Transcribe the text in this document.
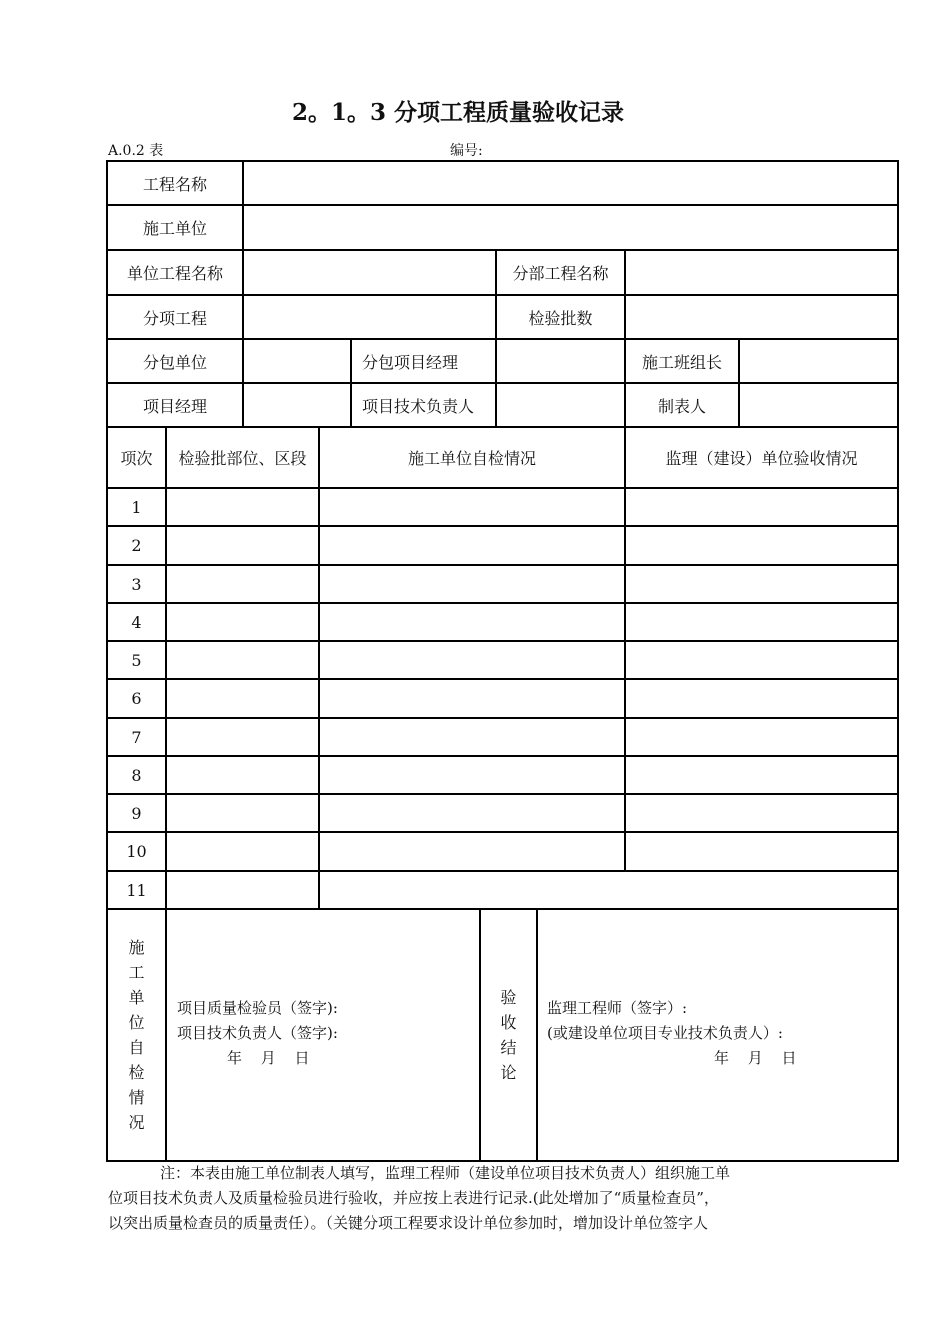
2。1。3 分项工程质量验收记录
A.0.2 表	编号:
工程名称
施工单位
单位工程名称	分部工程名称
分项工程	检验批数
分包单位	分包项目经理	施工班组长
项目经理	项目技术负责人	制表人
项次	检验批部位、区段	施工单位自检情况	监理（建设）单位验收情况
1
2
3
4
5
6
7
8
9
10
11
施工单位自检情况
项目质量检验员（签字):
项目技术负责人（签字):
年 月 日
验收结论
监理工程师（签字）:
(或建设单位项目专业技术负责人）:
年 月 日

注：本表由施工单位制表人填写，监理工程师（建设单位项目技术负责人）组织施工单

位项目技术负责人及质量检验员进行验收，并应按上表进行记录.(此处增加了“质量检查员”，

以突出质量检查员的质量责任）。（关键分项工程要求设计单位参加时，增加设计单位签字人
